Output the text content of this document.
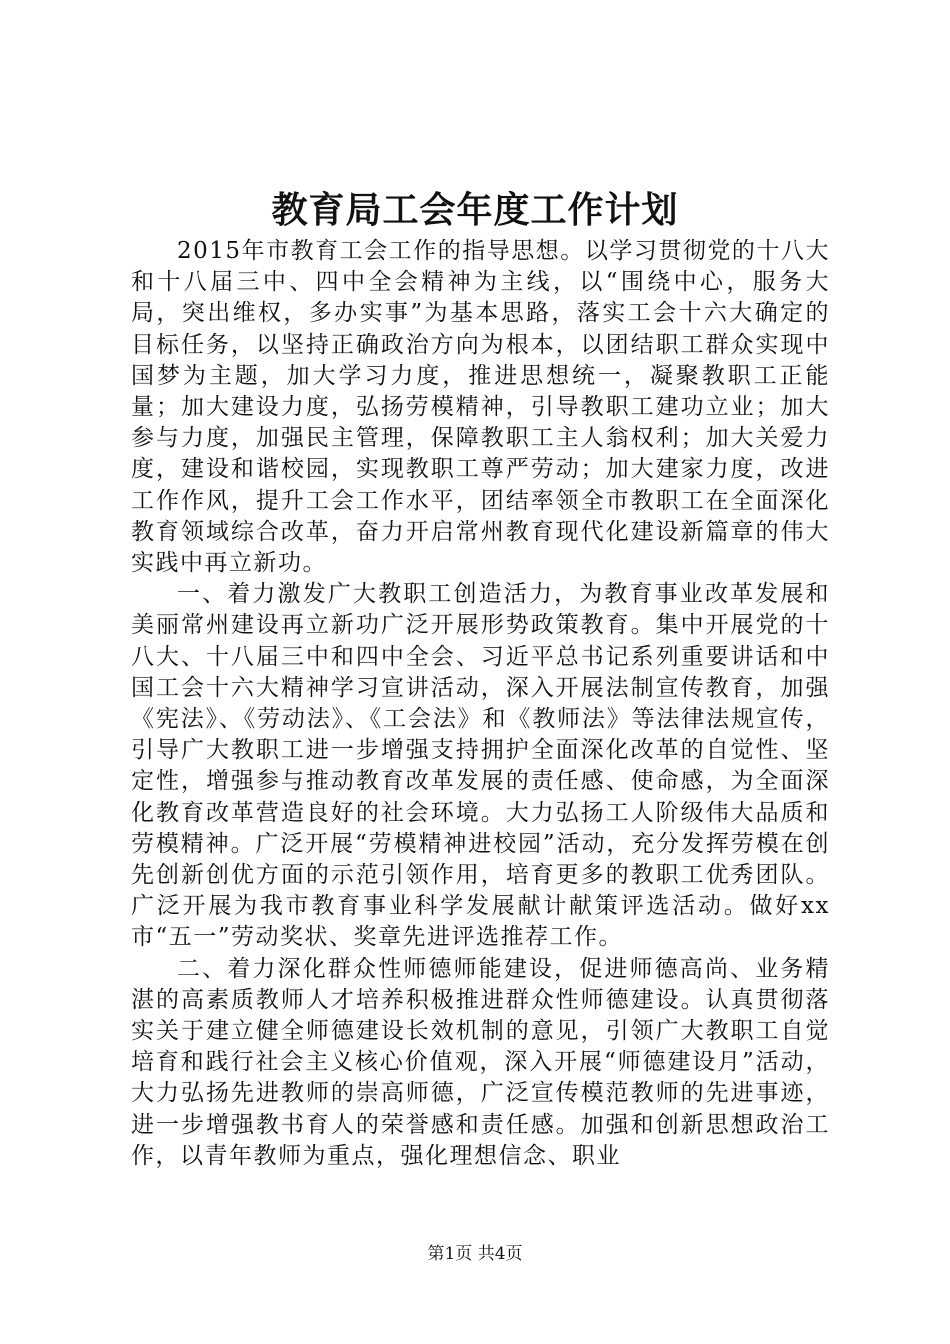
教育局工会年度工作计划

2015年市教育工会工作的指导思想。以学习贯彻党的十八大和十八届三中、四中全会精神为主线，以“围绕中心，服务大局，突出维权，多办实事”为基本思路，落实工会十六大确定的目标任务，以坚持正确政治方向为根本，以团结职工群众实现中国梦为主题，加大学习力度，推进思想统一，凝聚教职工正能量；加大建设力度，弘扬劳模精神，引导教职工建功立业；加大参与力度，加强民主管理，保障教职工主人翁权利；加大关爱力度，建设和谐校园，实现教职工尊严劳动；加大建家力度，改进工作作风，提升工会工作水平，团结率领全市教职工在全面深化教育领域综合改革，奋力开启常州教育现代化建设新篇章的伟大实践中再立新功。

一、着力激发广大教职工创造活力，为教育事业改革发展和美丽常州建设再立新功广泛开展形势政策教育。集中开展党的十八大、十八届三中和四中全会、习近平总书记系列重要讲话和中国工会十六大精神学习宣讲活动，深入开展法制宣传教育，加强《宪法》、《劳动法》、《工会法》和《教师法》等法律法规宣传，引导广大教职工进一步增强支持拥护全面深化改革的自觉性、坚定性，增强参与推动教育改革发展的责任感、使命感，为全面深化教育改革营造良好的社会环境。大力弘扬工人阶级伟大品质和劳模精神。广泛开展“劳模精神进校园”活动，充分发挥劳模在创先创新创优方面的示范引领作用，培育更多的教职工优秀团队。广泛开展为我市教育事业科学发展献计献策评选活动。做好xx市“五一”劳动奖状、奖章先进评选推荐工作。

二、着力深化群众性师德师能建设，促进师德高尚、业务精湛的高素质教师人才培养积极推进群众性师德建设。认真贯彻落实关于建立健全师德建设长效机制的意见，引领广大教职工自觉培育和践行社会主义核心价值观，深入开展“师德建设月”活动，大力弘扬先进教师的崇高师德，广泛宣传模范教师的先进事迹，进一步增强教书育人的荣誉感和责任感。加强和创新思想政治工作，以青年教师为重点，强化理想信念、职业

第1页 共4页
